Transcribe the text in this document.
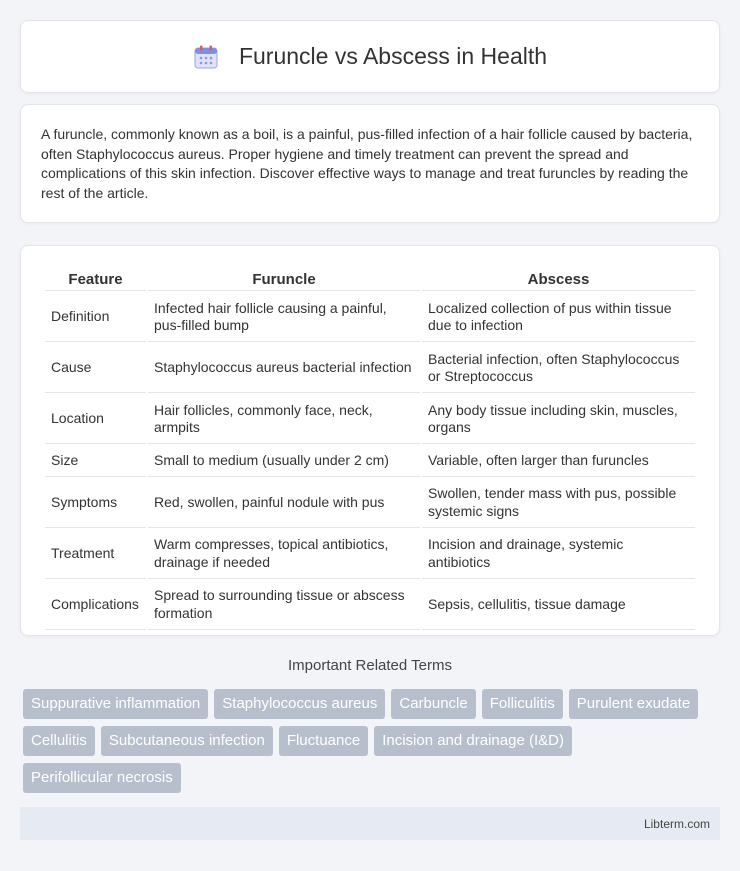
Furuncle vs Abscess in Health

A furuncle, commonly known as a boil, is a painful, pus-filled infection of a hair follicle caused by bacteria, often Staphylococcus aureus. Proper hygiene and timely treatment can prevent the spread and complications of this skin infection. Discover effective ways to manage and treat furuncles by reading the rest of the article.

Feature	Furuncle	Abscess
Definition	Infected hair follicle causing a painful, pus-filled bump	Localized collection of pus within tissue due to infection
Cause	Staphylococcus aureus bacterial infection	Bacterial infection, often Staphylococcus or Streptococcus
Location	Hair follicles, commonly face, neck, armpits	Any body tissue including skin, muscles, organs
Size	Small to medium (usually under 2 cm)	Variable, often larger than furuncles
Symptoms	Red, swollen, painful nodule with pus	Swollen, tender mass with pus, possible systemic signs
Treatment	Warm compresses, topical antibiotics, drainage if needed	Incision and drainage, systemic antibiotics
Complications	Spread to surrounding tissue or abscess formation	Sepsis, cellulitis, tissue damage
Important Related Terms
Suppurative inflammation	Staphylococcus aureus	Carbuncle	Folliculitis	Purulent exudate
Cellulitis	Subcutaneous infection	Fluctuance	Incision and drainage (I&D)
Perifollicular necrosis
Libterm.com
